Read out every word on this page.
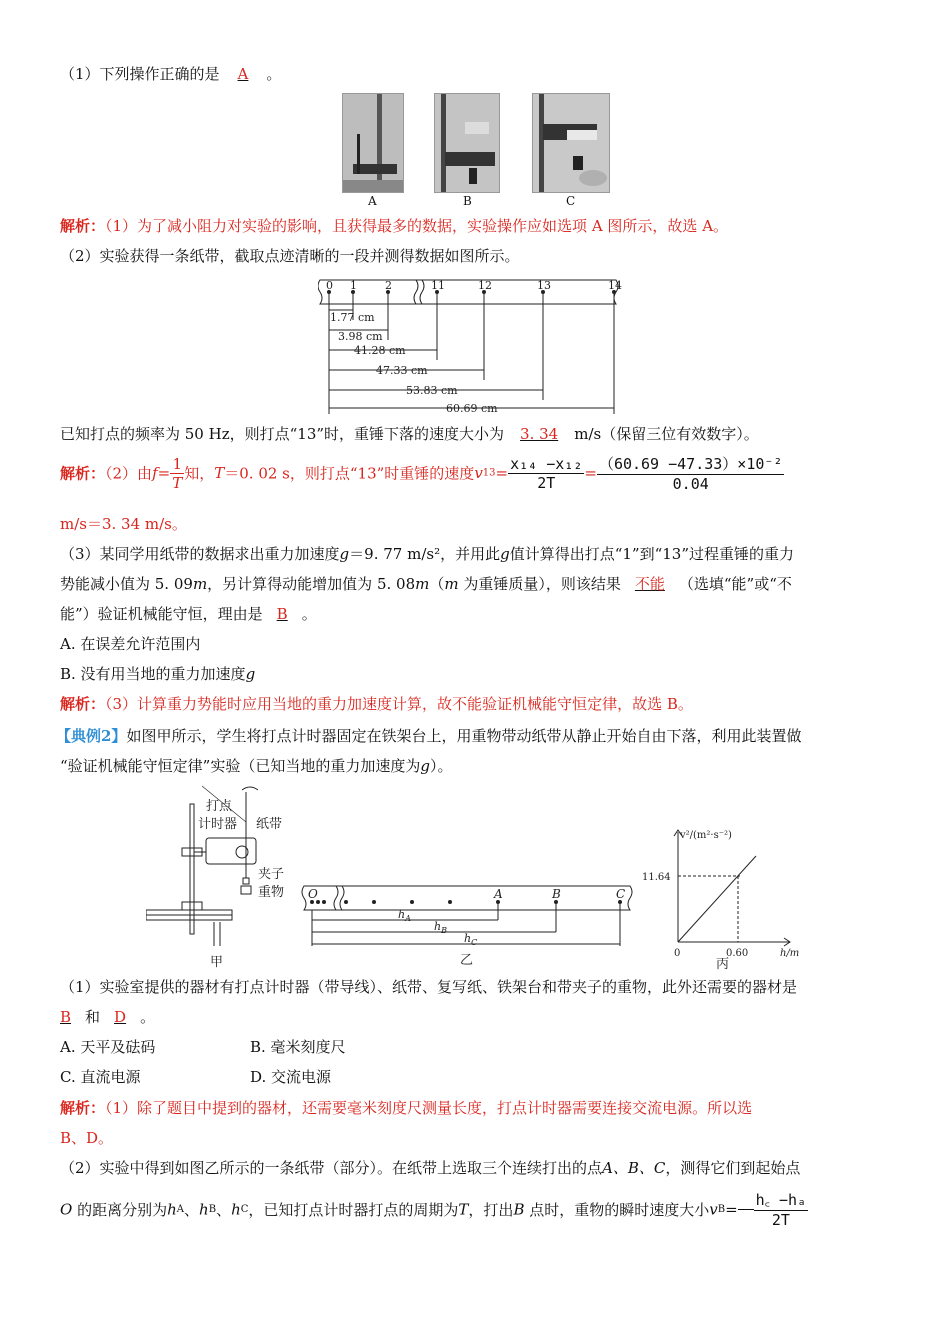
（1）下列操作正确的是 A 。
A	B	C
解析：（1）为了减小阻力对实验的影响，且获得最多的数据，实验操作应如选项 A 图所示，故选 A。
（2）实验获得一条纸带，截取点迹清晰的一段并测得数据如图所示。
0 1	2	11	12	13	14
1.77 cm
3.98 cm
41.28 cm
47.33 cm
53.83 cm
60.69 cm
已知打点的频率为 50 Hz，则打点“13”时，重锤下落的速度大小为 3. 34 m/s（保留三位有效数字）。
解析：（2）由$f= \frac{1}{T}$ 知，T＝0. 02 s，则打点“13”时重锤的速度$v13= \frac{\text{x₁₄ −x₁₂}}{2T} = \frac{\text{（60.69 −47.33）×10⁻²}}{0.04}$
m/s＝3. 34 m/s。
（3）某同学用纸带的数据求出重力加速度g＝9. 77 m/s²，并用此g值计算得出打点“1”到“13”过程重锤的重力
势能减小值为 5. 09m，另计算得动能增加值为 5. 08m（m 为重锤质量），则该结果 不能 （选填“能”或“不
能”）验证机械能守恒，理由是 B 。
A. 在误差允许范围内
B. 没有用当地的重力加速度g
解析：（3）计算重力势能时应用当地的重力加速度计算，故不能验证机械能守恒定律，故选 B。
【典例2】如图甲所示，学生将打点计时器固定在铁架台上，用重物带动纸带从静止开始自由下落，利用此装置做
“验证机械能守恒定律”实验（已知当地的重力加速度为g）。
打点
计时器 纸带
夹子
重物
甲
O	A	B	C
$h_A$
$h_B$
$h_C$
乙
v²/(m²·s⁻²)
11.64
0	0.60	h/m
丙
（1）实验室提供的器材有打点计时器（带导线）、纸带、复写纸、铁架台和带夹子的重物，此外还需要的器材是
B 和 D 。
A. 天平及砝码	B. 毫米刻度尺
C. 直流电源	D. 交流电源
解析：（1）除了题目中提到的器材，还需要毫米刻度尺测量长度，打点计时器需要连接交流电源。所以选
B、D。
（2）实验中得到如图乙所示的一条纸带（部分）。在纸带上选取三个连续打出的点A、B、C，测得它们到起始点
O 的距离分别为hA、hB、hC，已知打点计时器打点的周期为T，打出B 点时，重物的瞬时速度大小$vB= \frac{\text{h꜀ −hₐ}}{2T}$
